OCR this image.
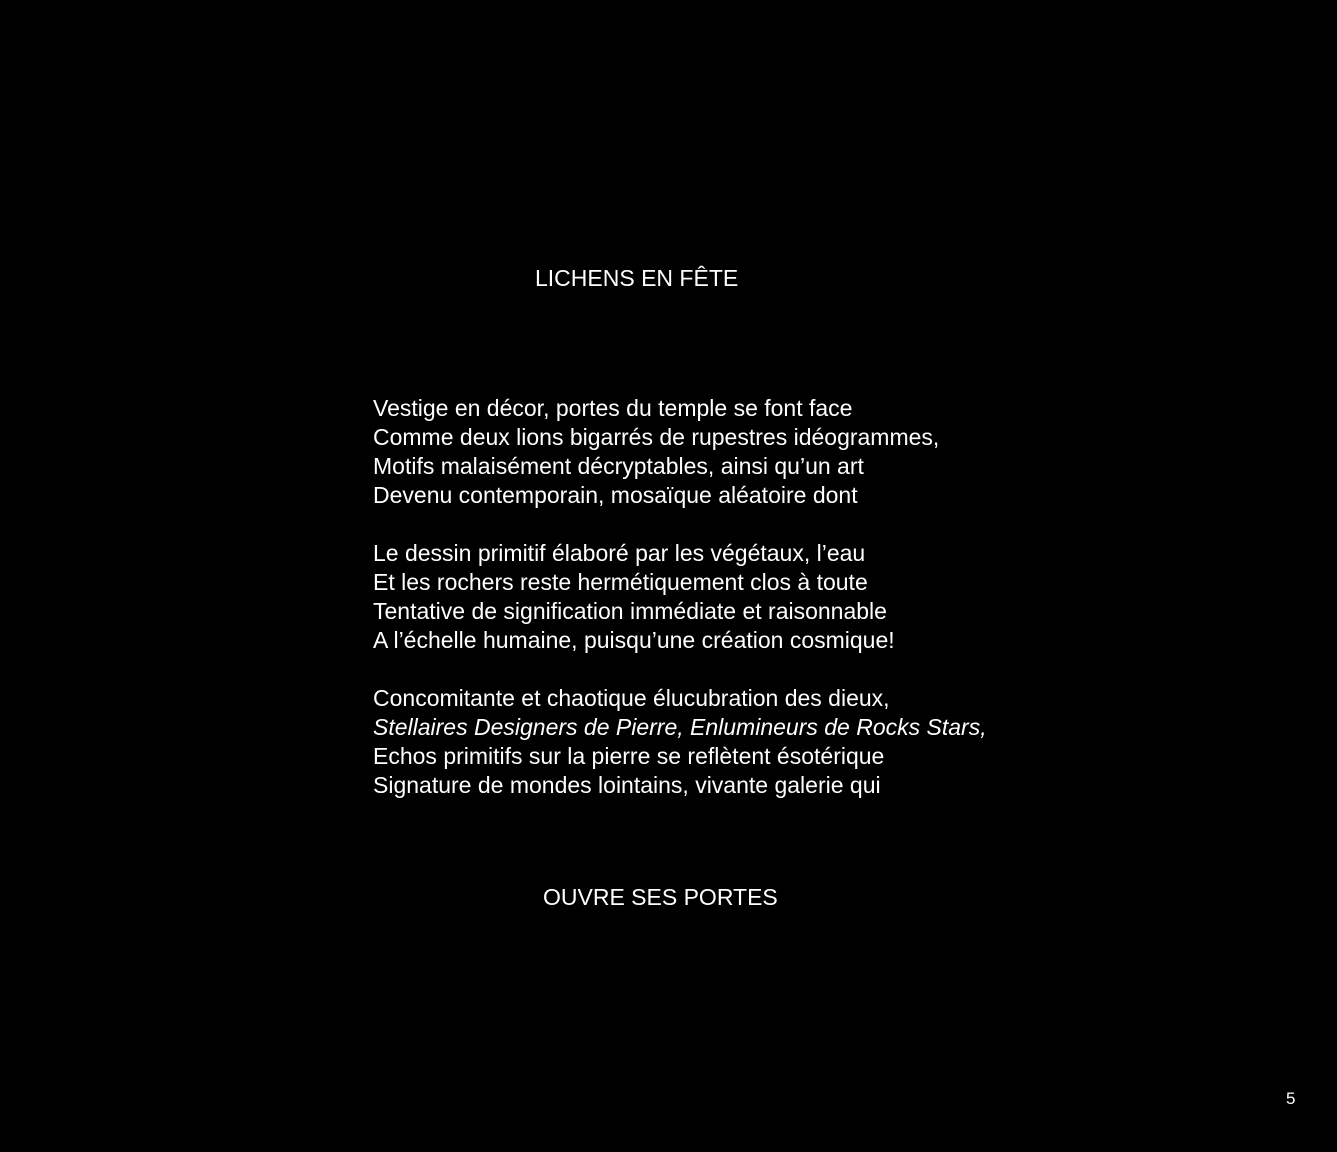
LICHENS EN FÊTE
Vestige en décor, portes du temple se font face
Comme deux lions bigarrés de rupestres idéogrammes,
Motifs malaisément décryptables, ainsi qu’un art
Devenu contemporain, mosaïque aléatoire dont
Le dessin primitif élaboré par les végétaux, l’eau
Et les rochers reste hermétiquement clos à toute
Tentative de signification immédiate et raisonnable
A l’échelle humaine, puisqu’une création cosmique!
Concomitante et chaotique élucubration des dieux,
Stellaires Designers de Pierre, Enlumineurs de Rocks Stars,
Echos primitifs sur la pierre se reflètent ésotérique
Signature de mondes lointains, vivante galerie qui

OUVRE SES PORTES

5
